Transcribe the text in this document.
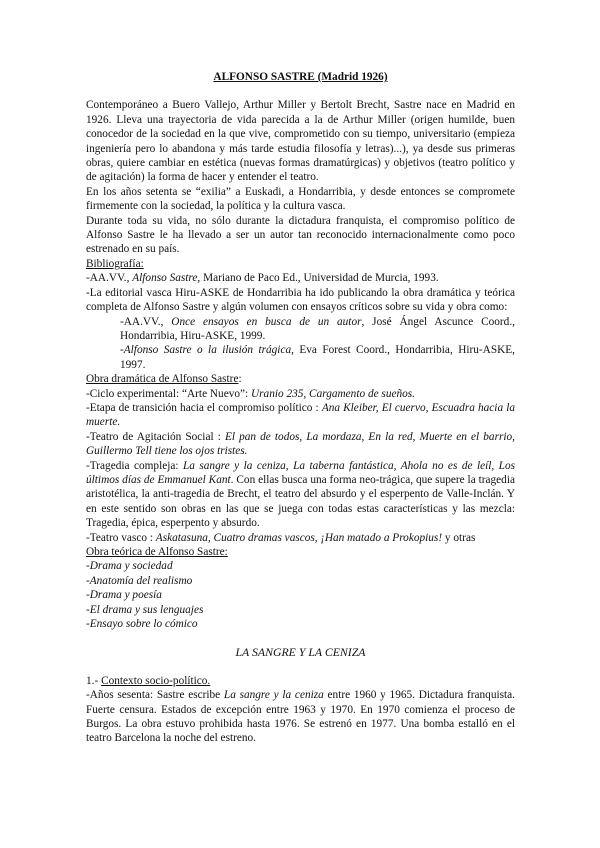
ALFONSO SASTRE (Madrid 1926)

Contemporáneo a Buero Vallejo, Arthur Miller y Bertolt Brecht, Sastre nace en Madrid en 1926. Lleva una trayectoria de vida parecida a la de Arthur Miller (origen humilde, buen conocedor de la sociedad en la que vive, comprometido con su tiempo, universitario (empieza ingeniería pero lo abandona y más tarde estudia filosofía y letras)...), ya desde sus primeras obras, quiere cambiar en estética (nuevas formas dramatúrgicas) y objetivos (teatro político y de agitación) la forma de hacer y entender el teatro.

En los años setenta se “exilia” a Euskadi, a Hondarribia, y desde entonces se compromete firmemente con la sociedad, la política y la cultura vasca.

Durante toda su vida, no sólo durante la dictadura franquista, el compromiso político de Alfonso Sastre le ha llevado a ser un autor tan reconocido internacionalmente como poco estrenado en su país.

Bibliografía:

-AA.VV., Alfonso Sastre, Mariano de Paco Ed., Universidad de Murcia, 1993.

-La editorial vasca Hiru-ASKE de Hondarribia ha ido publicando la obra dramática y teórica completa de Alfonso Sastre y algún volumen con ensayos críticos sobre su vida y obra como:

-AA.VV., Once ensayos en busca de un autor, José Ángel Ascunce Coord., Hondarribia, Hiru-ASKE, 1999.

-Alfonso Sastre o la ilusión trágica, Eva Forest Coord., Hondarribia, Hiru-ASKE, 1997.

Obra dramática de Alfonso Sastre:

-Ciclo experimental: “Arte Nuevo”: Uranio 235, Cargamento de sueños.

-Etapa de transición hacia el compromiso político : Ana Kleiber, El cuervo, Escuadra hacia la muerte.

-Teatro de Agitación Social : El pan de todos, La mordaza, En la red, Muerte en el barrio, Guillermo Tell tiene los ojos tristes.

-Tragedia compleja: La sangre y la ceniza, La taberna fantástica, Ahola no es de leíl, Los últimos días de Emmanuel Kant. Con ellas busca una forma neo-trágica, que supere la tragedia aristotélica, la anti-tragedia de Brecht, el teatro del absurdo y el esperpento de Valle-Inclán. Y en este sentido son obras en las que se juega con todas estas características y las mezcla: Tragedia, épica, esperpento y absurdo.

-Teatro vasco : Askatasuna, Cuatro dramas vascos, ¡Han matado a Prokopius! y otras

Obra teórica de Alfonso Sastre:

-Drama y sociedad

-Anatomía del realismo

-Drama y poesía

-El drama y sus lenguajes

-Ensayo sobre lo cómico

LA SANGRE Y LA CENIZA

1.- Contexto socio-político.

-Años sesenta: Sastre escribe La sangre y la ceniza entre 1960 y 1965. Dictadura franquista. Fuerte censura. Estados de excepción entre 1963 y 1970. En 1970 comienza el proceso de Burgos. La obra estuvo prohibida hasta 1976. Se estrenó en 1977. Una bomba estalló en el teatro Barcelona la noche del estreno.
